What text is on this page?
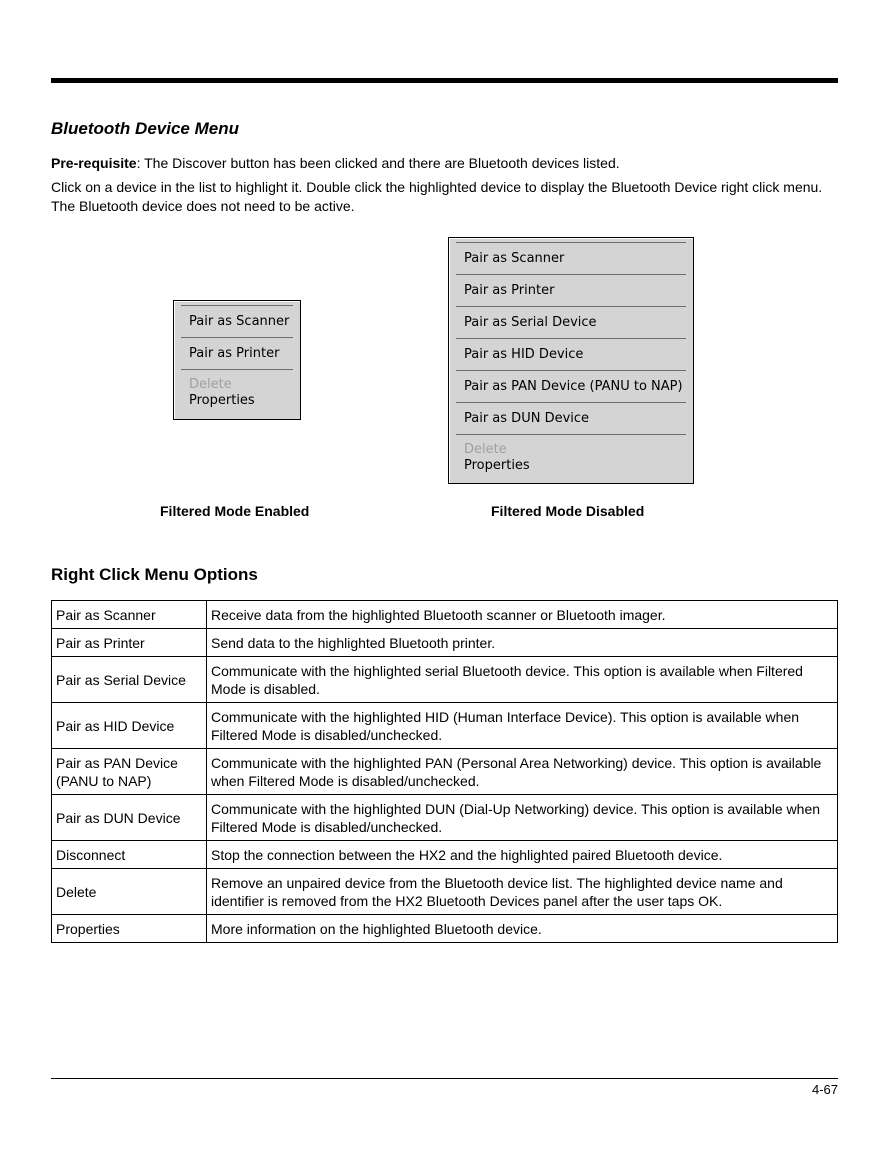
Bluetooth Device Menu

Pre-requisite: The Discover button has been clicked and there are Bluetooth devices listed.

Click on a device in the list to highlight it. Double click the highlighted device to display the Bluetooth Device right click menu. The Bluetooth device does not need to be active.

Pair as Scanner
Pair as Printer
Delete
Properties
Pair as Scanner
Pair as Printer
Pair as Serial Device
Pair as HID Device
Pair as PAN Device (PANU to NAP)
Pair as DUN Device
Delete
Properties

Filtered Mode Enabled	Filtered Mode Disabled

Right Click Menu Options
Pair as Scanner	Receive data from the highlighted Bluetooth scanner or Bluetooth imager.
Pair as Printer	Send data to the highlighted Bluetooth printer.
Pair as Serial Device	Communicate with the highlighted serial Bluetooth device. This option is available when Filtered Mode is disabled.
Pair as HID Device	Communicate with the highlighted HID (Human Interface Device). This option is available when Filtered Mode is disabled/unchecked.
Pair as PAN Device (PANU to NAP)	Communicate with the highlighted PAN (Personal Area Networking) device. This option is available when Filtered Mode is disabled/unchecked.
Pair as DUN Device	Communicate with the highlighted DUN (Dial-Up Networking) device. This option is available when Filtered Mode is disabled/unchecked.
Disconnect	Stop the connection between the HX2 and the highlighted paired Bluetooth device.
Delete	Remove an unpaired device from the Bluetooth device list. The highlighted device name and identifier is removed from the HX2 Bluetooth Devices panel after the user taps OK.
Properties	More information on the highlighted Bluetooth device.

4-67
